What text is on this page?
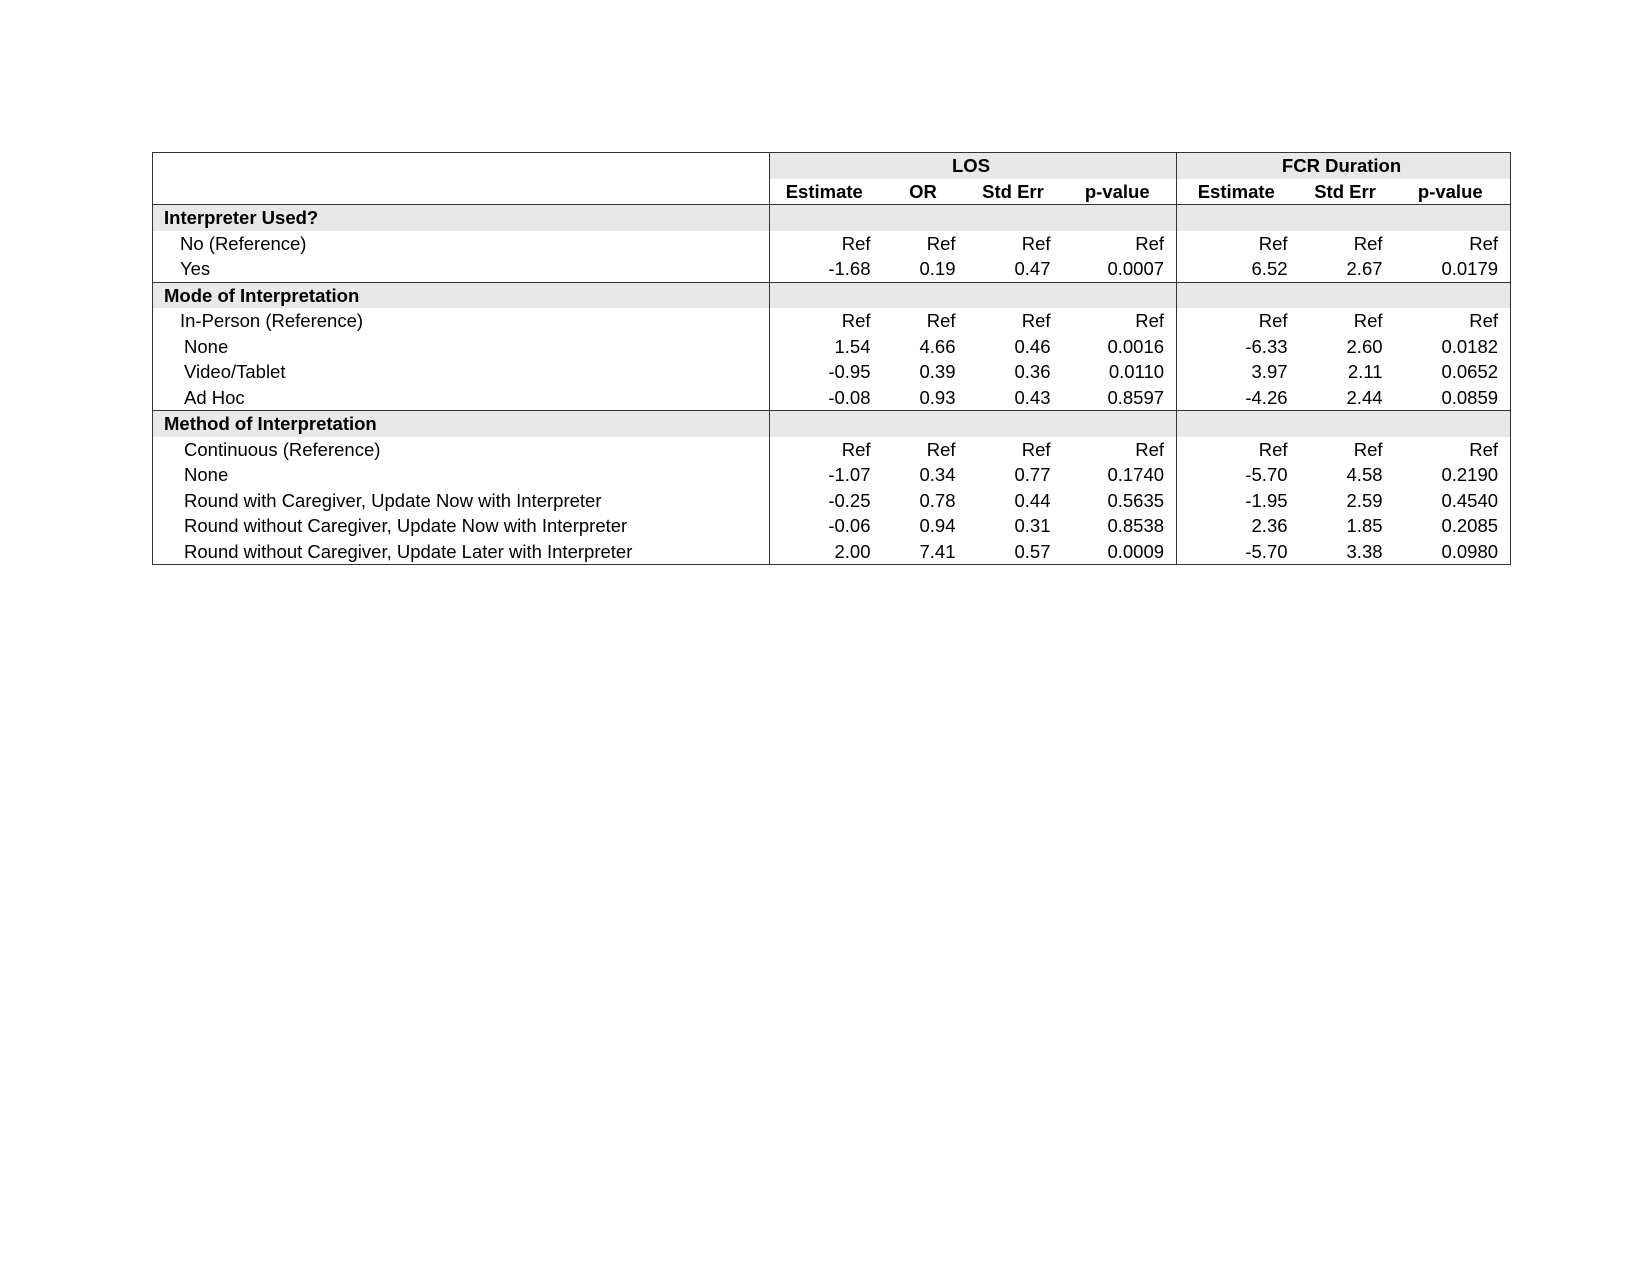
	LOS				FCR Duration		
	Estimate	OR	Std Err	p-value	Estimate	Std Err	p-value
Interpreter Used?							
No (Reference)	Ref	Ref	Ref	Ref	Ref	Ref	Ref
Yes	-1.68	0.19	0.47	0.0007	6.52	2.67	0.0179
Mode of Interpretation							
In-Person (Reference)	Ref	Ref	Ref	Ref	Ref	Ref	Ref
None	1.54	4.66	0.46	0.0016	-6.33	2.60	0.0182
Video/Tablet	-0.95	0.39	0.36	0.0110	3.97	2.11	0.0652
Ad Hoc	-0.08	0.93	0.43	0.8597	-4.26	2.44	0.0859
Method of Interpretation							
Continuous (Reference)	Ref	Ref	Ref	Ref	Ref	Ref	Ref
None	-1.07	0.34	0.77	0.1740	-5.70	4.58	0.2190
Round with Caregiver, Update Now with Interpreter	-0.25	0.78	0.44	0.5635	-1.95	2.59	0.4540
Round without Caregiver, Update Now with Interpreter	-0.06	0.94	0.31	0.8538	2.36	1.85	0.2085
Round without Caregiver, Update Later with Interpreter	2.00	7.41	0.57	0.0009	-5.70	3.38	0.0980
